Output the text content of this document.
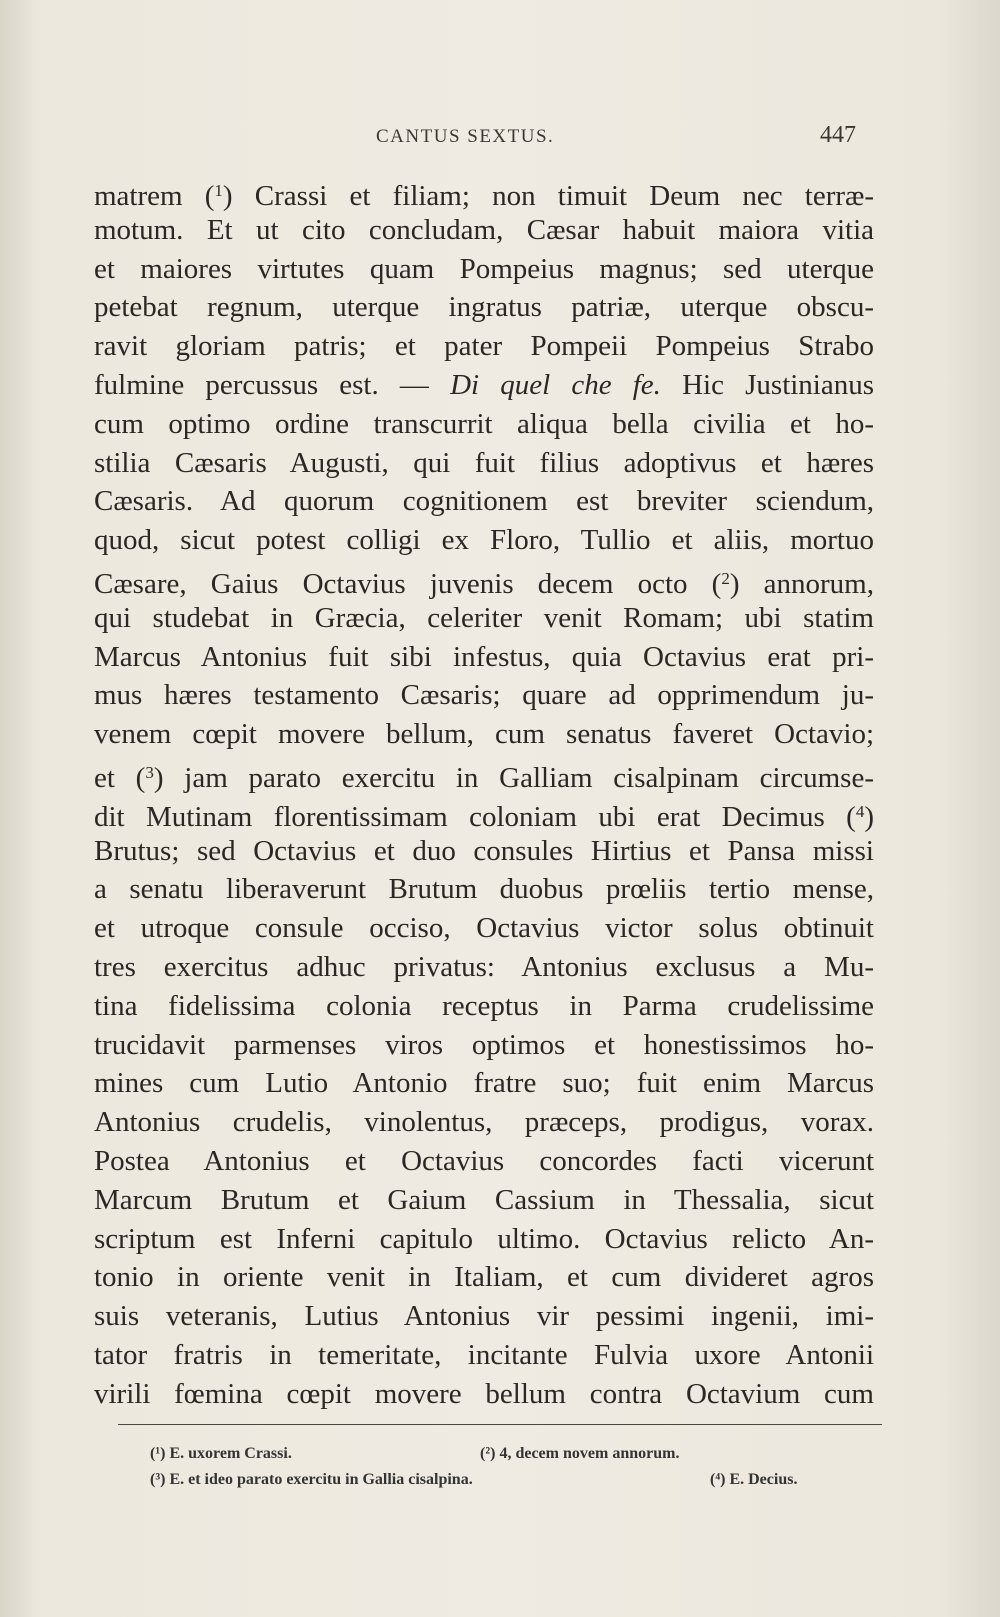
CANTUS SEXTUS.	447
matrem ($^1$) Crassi et filiam; non timuit Deum nec terræ-
motum. Et ut cito concludam, Cæsar habuit maiora vitia
et maiores virtutes quam Pompeius magnus; sed uterque
petebat regnum, uterque ingratus patriæ, uterque obscu-
ravit gloriam patris; et pater Pompeii Pompeius Strabo
fulmine percussus est. — Di quel che fe. Hic Justinianus
cum optimo ordine transcurrit aliqua bella civilia et ho-
stilia Cæsaris Augusti, qui fuit filius adoptivus et hæres
Cæsaris. Ad quorum cognitionem est breviter sciendum,
quod, sicut potest colligi ex Floro, Tullio et aliis, mortuo
Cæsare, Gaius Octavius juvenis decem octo ($^2$) annorum,
qui studebat in Græcia, celeriter venit Romam; ubi statim
Marcus Antonius fuit sibi infestus, quia Octavius erat pri-
mus hæres testamento Cæsaris; quare ad opprimendum ju-
venem cœpit movere bellum, cum senatus faveret Octavio;
et ($^3$) jam parato exercitu in Galliam cisalpinam circumse-
dit Mutinam florentissimam coloniam ubi erat Decimus ($^4$)
Brutus; sed Octavius et duo consules Hirtius et Pansa missi
a senatu liberaverunt Brutum duobus prœliis tertio mense,
et utroque consule occiso, Octavius victor solus obtinuit
tres exercitus adhuc privatus: Antonius exclusus a Mu-
tina fidelissima colonia receptus in Parma crudelissime
trucidavit parmenses viros optimos et honestissimos ho-
mines cum Lutio Antonio fratre suo; fuit enim Marcus
Antonius crudelis, vinolentus, præceps, prodigus, vorax.
Postea Antonius et Octavius concordes facti vicerunt
Marcum Brutum et Gaium Cassium in Thessalia, sicut
scriptum est Inferni capitulo ultimo. Octavius relicto An-
tonio in oriente venit in Italiam, et cum divideret agros
suis veteranis, Lutius Antonius vir pessimi ingenii, imi-
tator fratris in temeritate, incitante Fulvia uxore Antonii
virili fœmina cœpit movere bellum contra Octavium cum
(¹) E. uxorem Crassi.	(²) 4, decem novem annorum.
(³) E. et ideo parato exercitu in Gallia cisalpina.	(⁴) E. Decius.
